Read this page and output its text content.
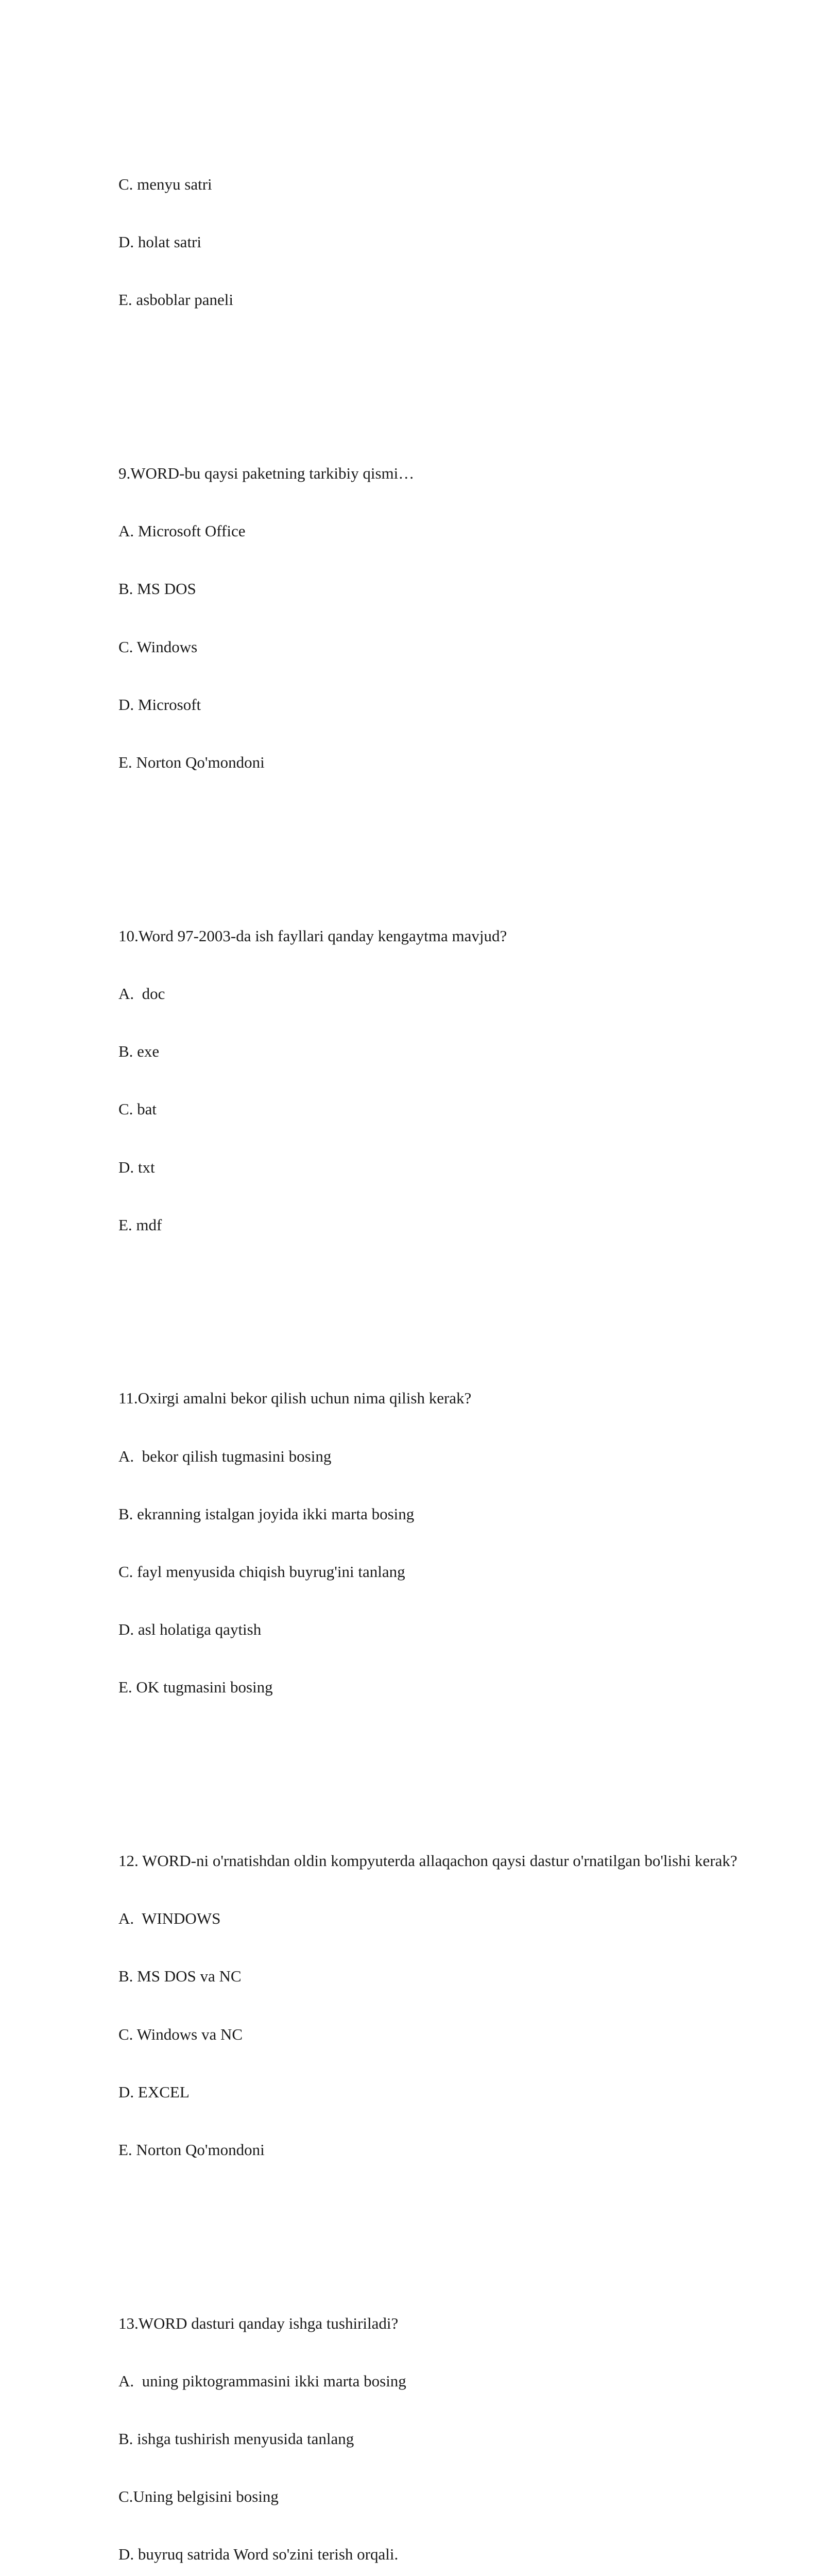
C. menyu satri

D. holat satri

E. asboblar paneli

9.WORD-bu qaysi paketning tarkibiy qismi…

A. Microsoft Office

B. MS DOS

C. Windows

D. Microsoft

E. Norton Qo'mondoni

10.Word 97-2003-da ish fayllari qanday kengaytma mavjud?

A.  doc

B. exe

C. bat

D. txt

E. mdf

11.Oxirgi amalni bekor qilish uchun nima qilish kerak?

A.  bekor qilish tugmasini bosing

B. ekranning istalgan joyida ikki marta bosing

C. fayl menyusida chiqish buyrug'ini tanlang

D. asl holatiga qaytish

E. OK tugmasini bosing

12. WORD-ni o'rnatishdan oldin kompyuterda allaqachon qaysi dastur o'rnatilgan bo'lishi kerak?

A.  WINDOWS

B. MS DOS va NC

C. Windows va NC

D. EXCEL

E. Norton Qo'mondoni

13.WORD dasturi qanday ishga tushiriladi?

A.  uning piktogrammasini ikki marta bosing

B. ishga tushirish menyusida tanlang

C.Uning belgisini bosing

D. buyruq satrida Word so'zini terish orqali.
